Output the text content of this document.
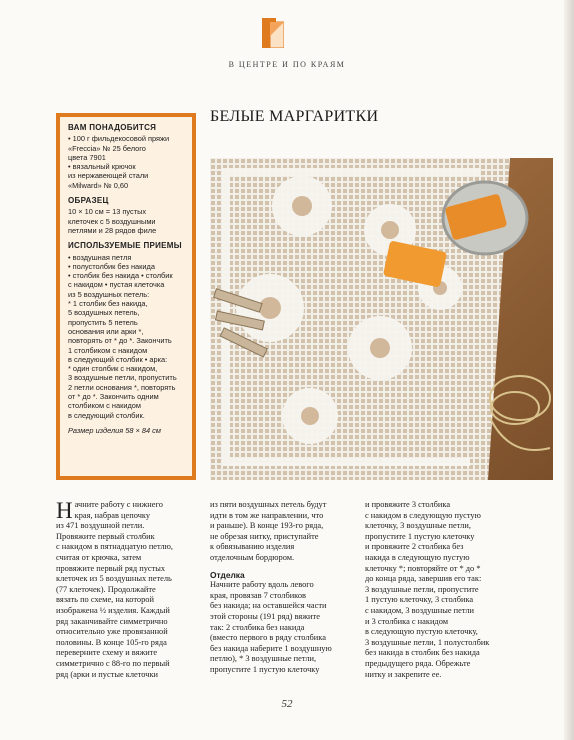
В ЦЕНТРЕ И ПО КРАЯМ
БЕЛЫЕ МАРГАРИТКИ
ВАМ ПОНАДОБИТСЯ
• 100 г фильдекосовой пряжи
«Freccia» № 25 белого
цвета 7901
• вязальный крючок
из нержавеющей стали
«Milward» № 0,60
ОБРАЗЕЦ
10 × 10 см = 13 пустых
клеточек с 5 воздушными
петлями и 28 рядов филе
ИСПОЛЬЗУЕМЫЕ ПРИЕМЫ
• воздушная петля
• полустолбик без накида
• столбик без накида • столбик
с накидом • пустая клеточка
из 5 воздушных петель:
* 1 столбик без накида,
5 воздушных петель,
пропустить 5 петель
основания или арки *,
повторять от * до *. Закончить
1 столбиком с накидом
в следующий столбик • арка:
* один столбик с накидом,
3 воздушные петли, пропустить
2 петли основания *, повторять
от * до *. Закончить одним
столбиком с накидом
в следующий столбик.
Размер изделия 58 × 84 см
Н ачните работу с нижнего
края, набрав цепочку
из 471 воздушной петли.
Провяжите первый столбик
с накидом в пятнадцатую петлю,
считая от крючка, затем
провяжите первый ряд пустых
клеточек из 5 воздушных петель
(77 клеточек). Продолжайте
вязать по схеме, на которой
изображена ½ изделия. Каждый
ряд заканчивайте симметрично
относительно уже провязанной
половины. В конце 105-го ряда
переверните схему и вяжите
симметрично с 88-го по первый
ряд (арки и пустые клеточки
из пяти воздушных петель будут
идти в том же направлении, что
и раньше). В конце 193-го ряда,
не обрезая нитку, приступайте
к обвязыванию изделия
отделочным бордюром.
Отделка
Начните работу вдоль левого
края, провязав 7 столбиков
без накида; на оставшейся части
этой стороны (191 ряд) вяжите
так: 2 столбика без накида
(вместо первого в ряду столбика
без накида наберите 1 воздушную
петлю), * 3 воздушные петли,
пропустите 1 пустую клеточку
и провяжите 3 столбика
с накидом в следующую пустую
клеточку, 3 воздушные петли,
пропустите 1 пустую клеточку
и провяжите 2 столбика без
накида в следующую пустую
клеточку *; повторяйте от * до *
до конца ряда, завершив его так:
3 воздушные петли, пропустите
1 пустую клеточку, 3 столбика
с накидом, 3 воздушные петли
и 3 столбика с накидом
в следующую пустую клеточку,
3 воздушные петли, 1 полустолбик
без накида в столбик без накида
предыдущего ряда. Обрежьте
нитку и закрепите ее.
52
